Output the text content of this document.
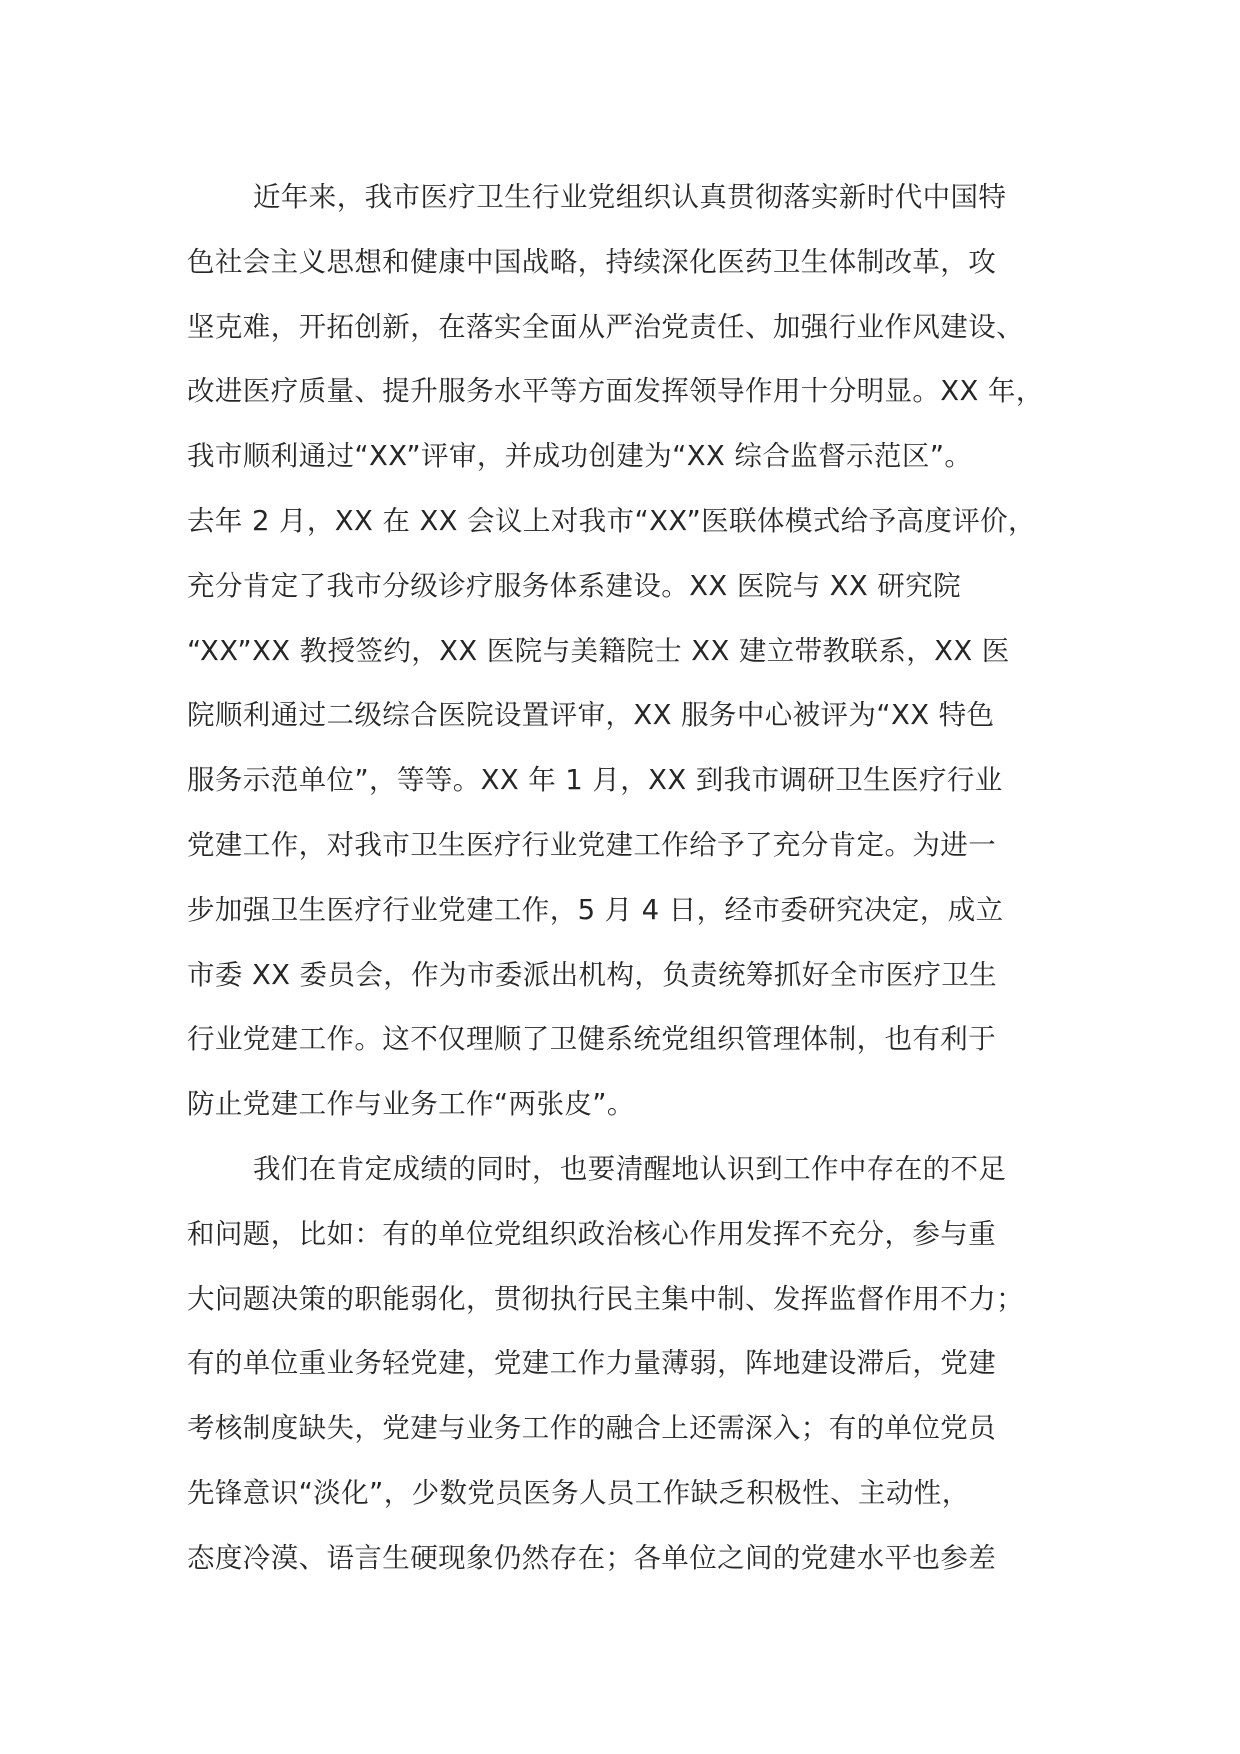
近年来，我市医疗卫生行业党组织认真贯彻落实新时代中国特
色社会主义思想和健康中国战略，持续深化医药卫生体制改革，攻
坚克难，开拓创新，在落实全面从严治党责任、加强行业作风建设、
改进医疗质量、提升服务水平等方面发挥领导作用十分明显。XX 年，
我市顺利通过“XX”评审，并成功创建为“XX 综合监督示范区”。
去年 2 月，XX 在 XX 会议上对我市“XX”医联体模式给予高度评价，
充分肯定了我市分级诊疗服务体系建设。XX 医院与 XX 研究院
“XX”XX 教授签约，XX 医院与美籍院士 XX 建立带教联系，XX 医
院顺利通过二级综合医院设置评审，XX 服务中心被评为“XX 特色
服务示范单位”，等等。XX 年 1 月，XX 到我市调研卫生医疗行业
党建工作，对我市卫生医疗行业党建工作给予了充分肯定。为进一
步加强卫生医疗行业党建工作，5 月 4 日，经市委研究决定，成立
市委 XX 委员会，作为市委派出机构，负责统筹抓好全市医疗卫生
行业党建工作。这不仅理顺了卫健系统党组织管理体制，也有利于
防止党建工作与业务工作“两张皮”。
我们在肯定成绩的同时，也要清醒地认识到工作中存在的不足
和问题，比如：有的单位党组织政治核心作用发挥不充分，参与重
大问题决策的职能弱化，贯彻执行民主集中制、发挥监督作用不力；
有的单位重业务轻党建，党建工作力量薄弱，阵地建设滞后，党建
考核制度缺失，党建与业务工作的融合上还需深入；有的单位党员
先锋意识“淡化”，少数党员医务人员工作缺乏积极性、主动性，
态度冷漠、语言生硬现象仍然存在；各单位之间的党建水平也参差
